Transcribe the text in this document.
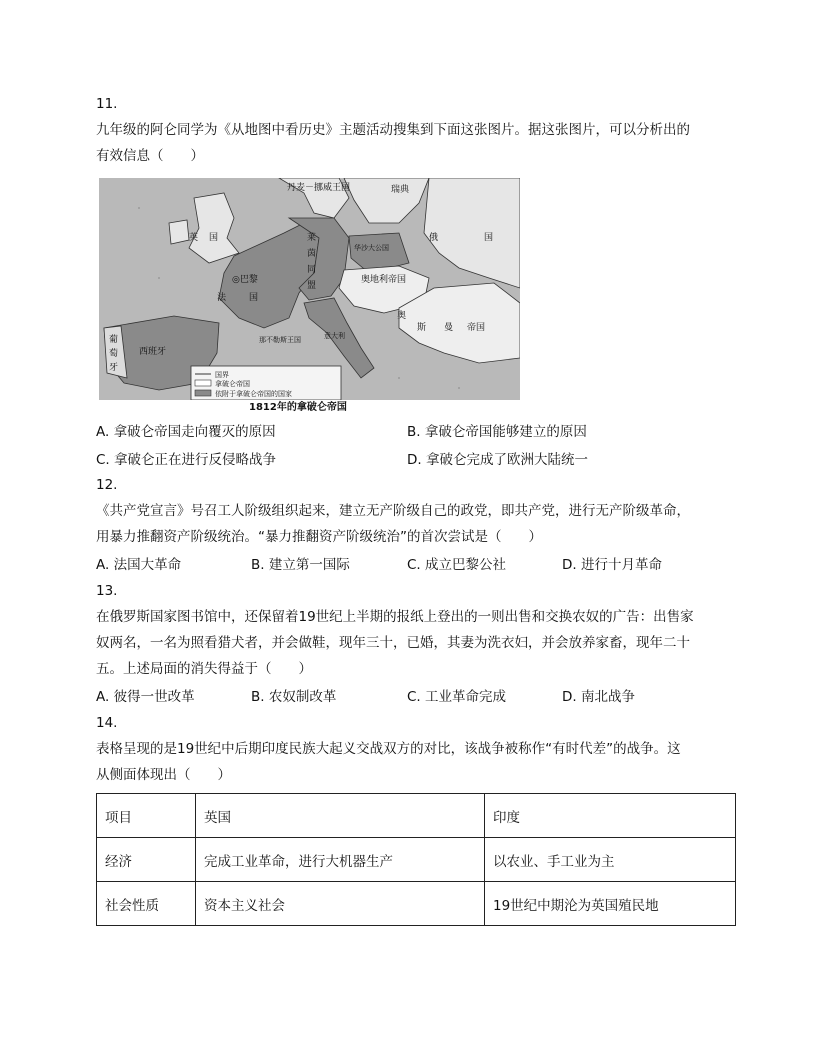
11.
九年级的阿仑同学为《从地图中看历史》主题活动搜集到下面这张图片。据这张图片，可以分析出的
有效信息（　　）
丹麦－挪威王国	瑞典
英 国	俄	国
华沙大公国
莱
茵
同
盟
◎巴黎
法	国
奥地利帝国
奥
斯 曼 帝国
西班牙
葡
萄
牙
意大利
那不勒斯王国
国界
拿破仑帝国
依附于拿破仑帝国的国家
1812年的拿破仑帝国
A. 拿破仑帝国走向覆灭的原因	B. 拿破仑帝国能够建立的原因
C. 拿破仑正在进行反侵略战争	D. 拿破仑完成了欧洲大陆统一
12.
《共产党宣言》号召工人阶级组织起来，建立无产阶级自己的政党，即共产党，进行无产阶级革命，
用暴力推翻资产阶级统治。“暴力推翻资产阶级统治”的首次尝试是（　　）
A. 法国大革命	B. 建立第一国际	C. 成立巴黎公社	D. 进行十月革命
13.
在俄罗斯国家图书馆中，还保留着19世纪上半期的报纸上登出的一则出售和交换农奴的广告：出售家
奴两名，一名为照看猎犬者，并会做鞋，现年三十，已婚，其妻为洗衣妇，并会放养家畜，现年二十
五。上述局面的消失得益于（　　）
A. 彼得一世改革	B. 农奴制改革	C. 工业革命完成	D. 南北战争
14.
表格呈现的是19世纪中后期印度民族大起义交战双方的对比，该战争被称作“有时代差”的战争。这
从侧面体现出（　　）
项目	英国	印度
经济	完成工业革命，进行大机器生产	以农业、手工业为主
社会性质	资本主义社会	19世纪中期沦为英国殖民地
